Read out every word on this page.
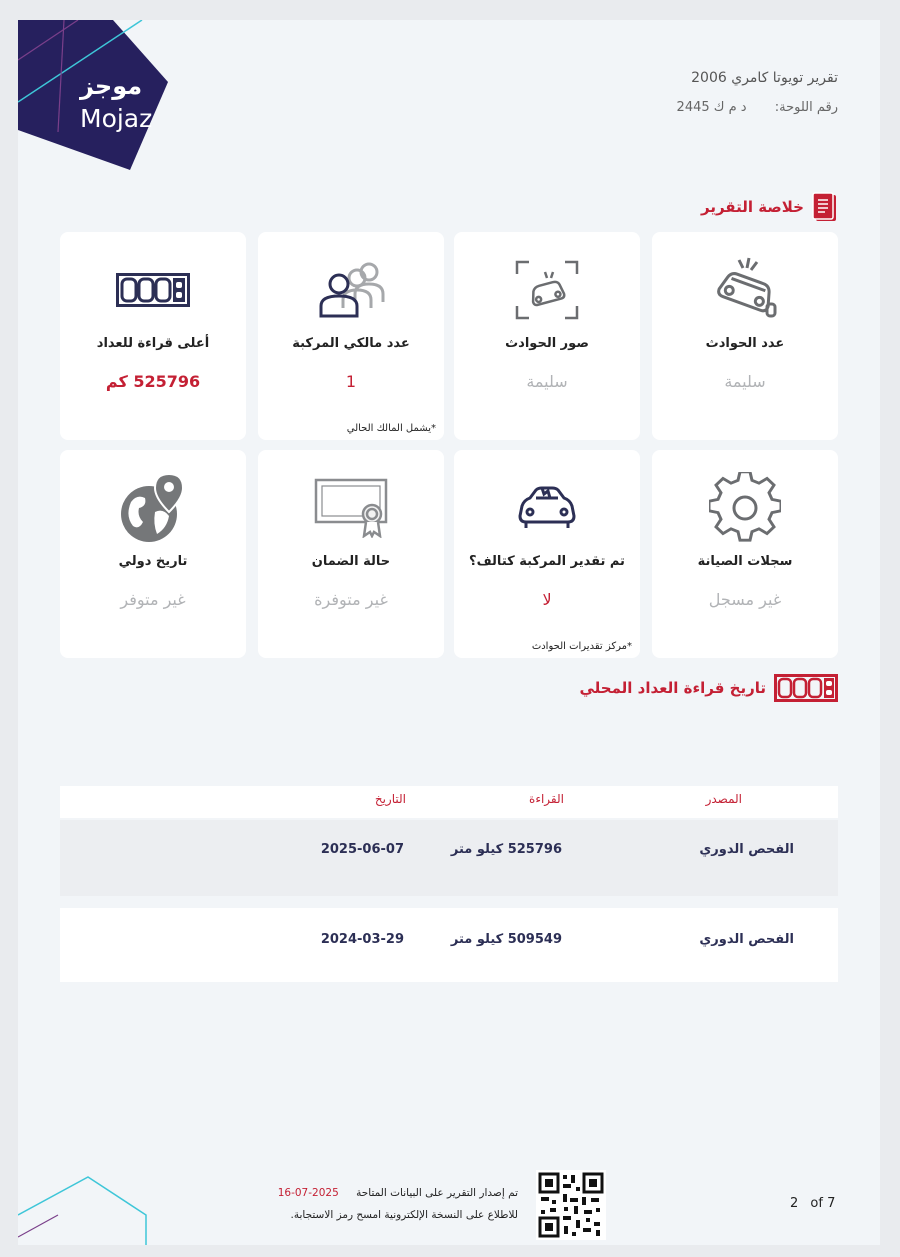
موجز
Mojaz
تقرير تويوتا كامري 2006
رقم اللوحة: د م ك 2445
خلاصة التقرير
عدد الحوادث
سليمة
صور الحوادث
سليمة
عدد مالكي المركبة
1
*يشمل المالك الحالي
أعلى قراءة للعداد
525796 كم
سجلات الصيانة
غير مسجل
تم تقدير المركبة كتالف؟
لا
*مركز تقديرات الحوادث
حالة الضمان
غير متوفرة
تاريخ دولي
غير متوفر
تاريخ قراءة العداد المحلي
المصدر
القراءة
التاريخ
الفحص الدوري
525796 كيلو متر
2025-06-07
الفحص الدوري
509549 كيلو متر
2024-03-29
تم إصدار التقرير على البيانات المتاحة 2025-07-16
للاطلاع على النسخة الإلكترونية امسح رمز الاستجابة.
2 of 7
